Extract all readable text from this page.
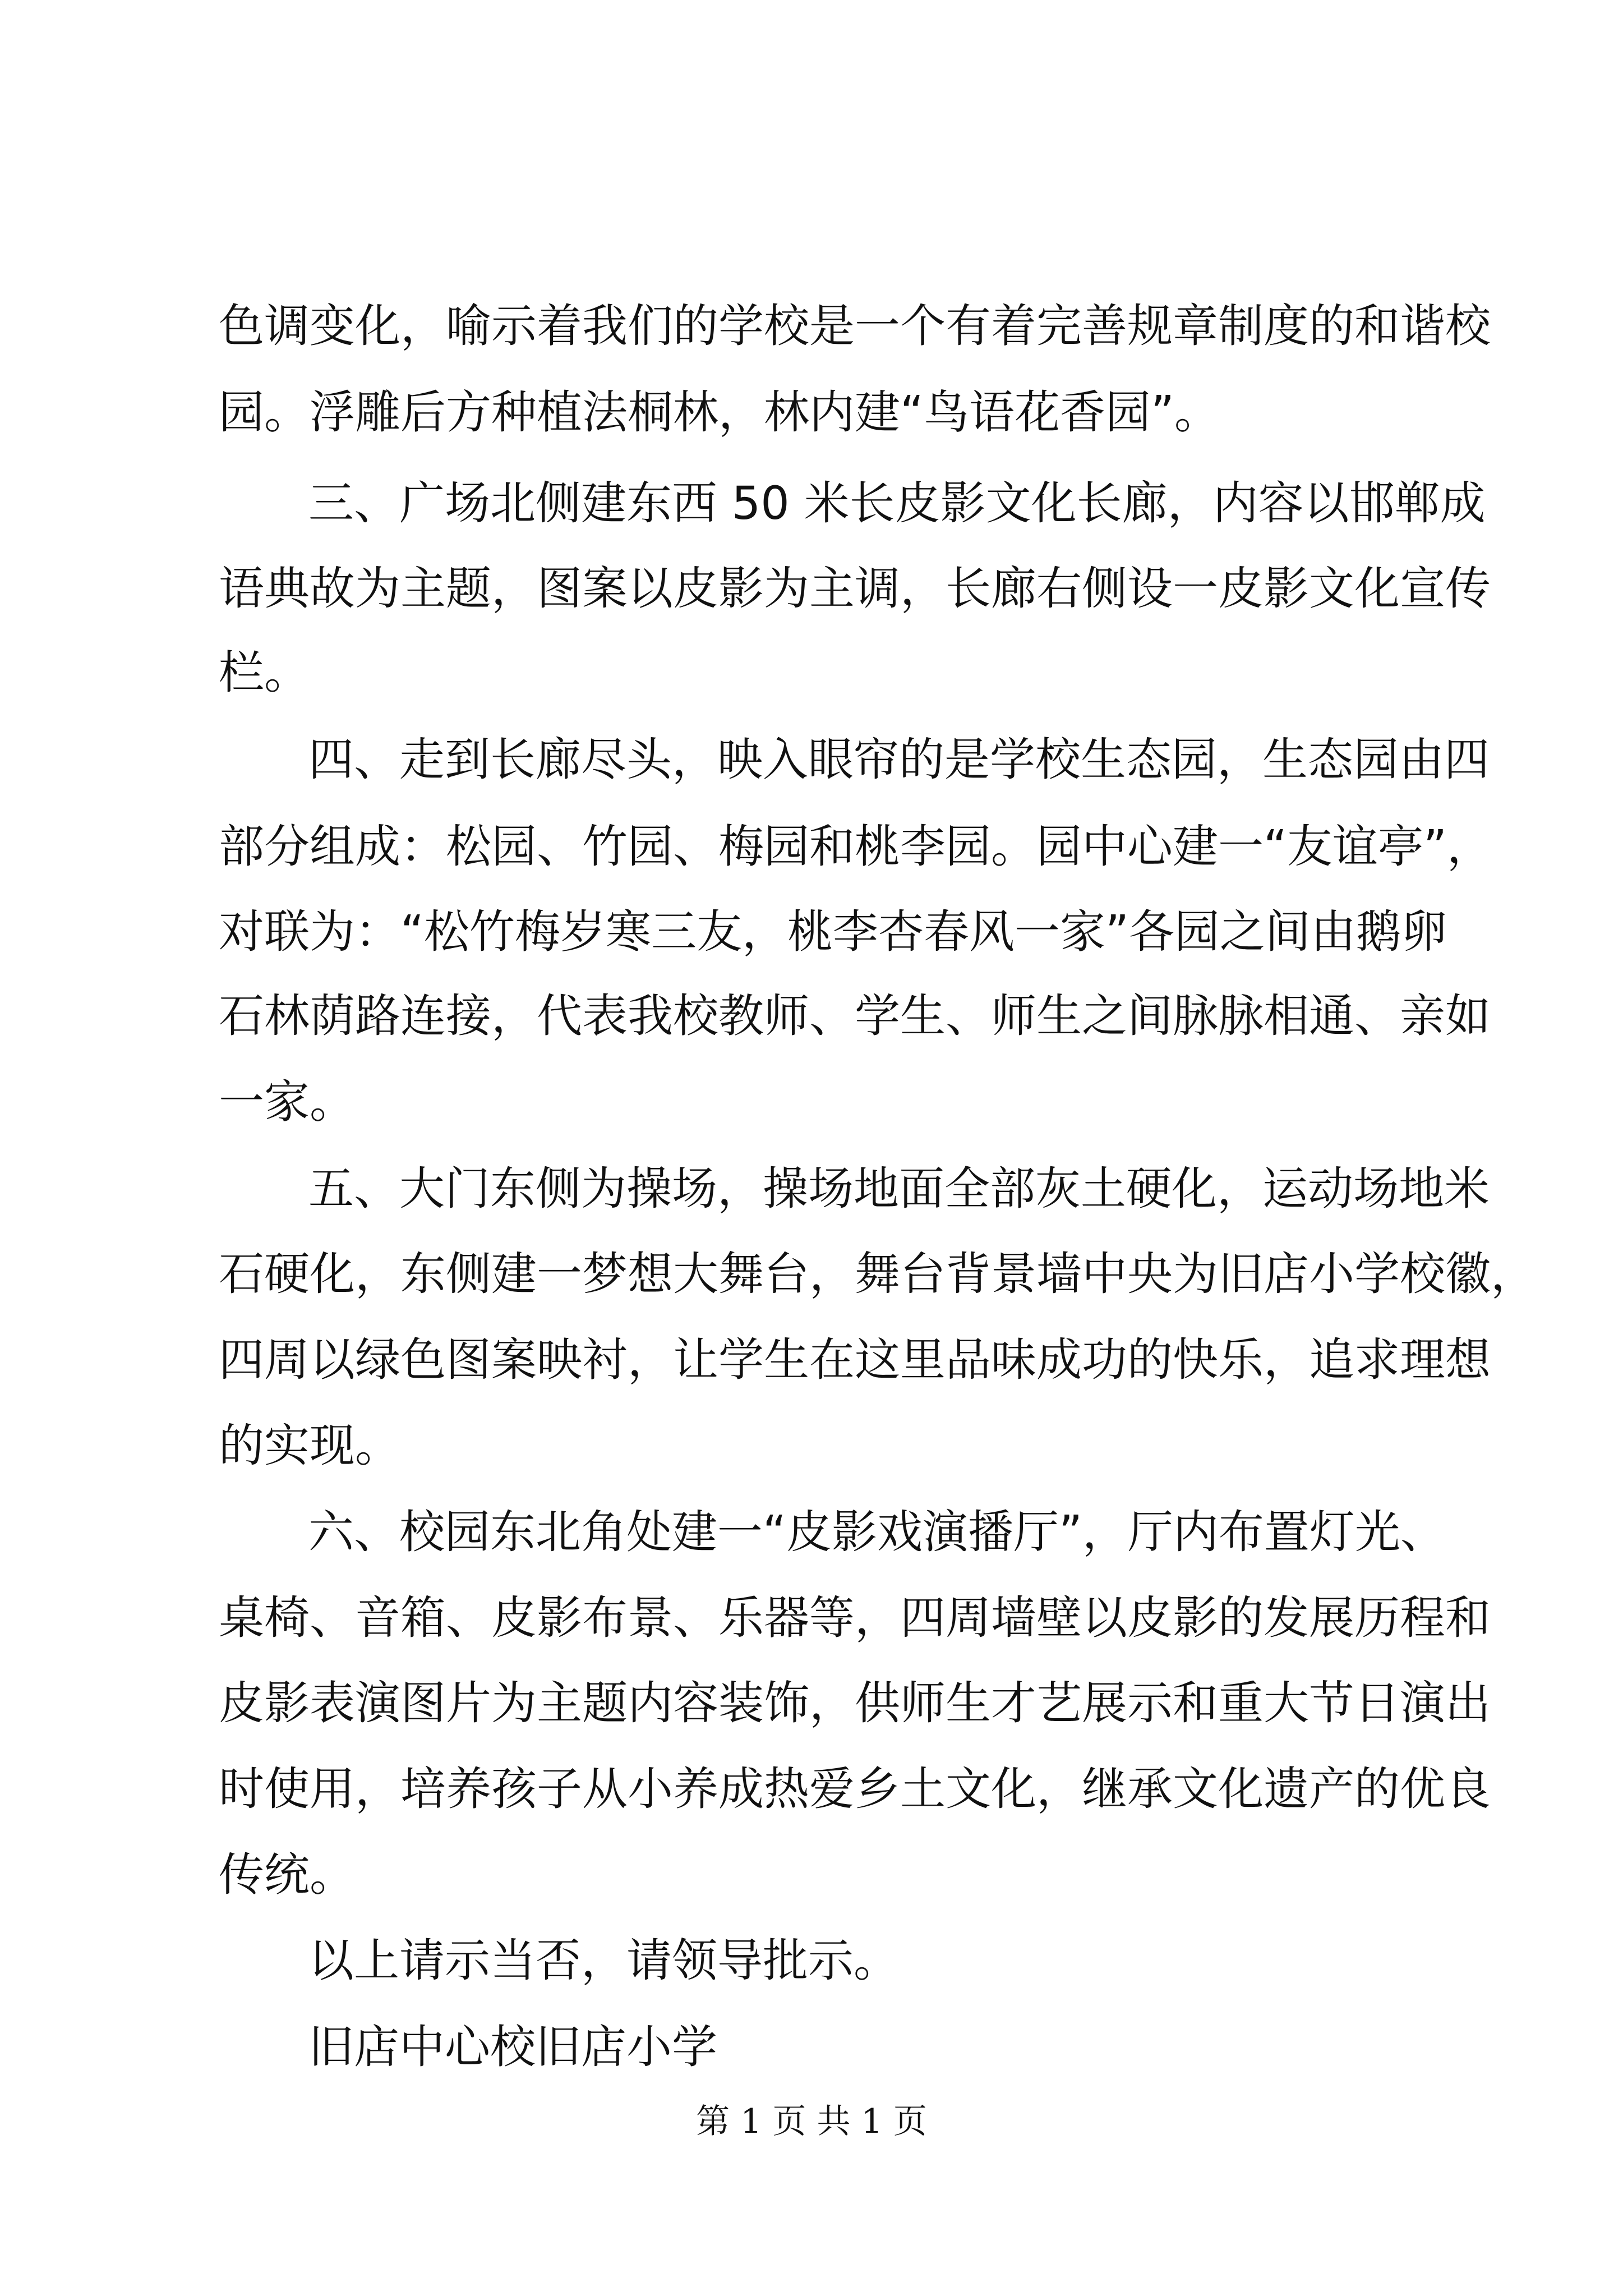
色调变化，喻示着我们的学校是一个有着完善规章制度的和谐校
园。浮雕后方种植法桐林，林内建“鸟语花香园”。
三、广场北侧建东西 50 米长皮影文化长廊，内容以邯郸成
语典故为主题，图案以皮影为主调，长廊右侧设一皮影文化宣传
栏。
四、走到长廊尽头，映入眼帘的是学校生态园，生态园由四
部分组成：松园、竹园、梅园和桃李园。园中心建一“友谊亭”，
对联为：“松竹梅岁寒三友，桃李杏春风一家”各园之间由鹅卵
石林荫路连接，代表我校教师、学生、师生之间脉脉相通、亲如
一家。
五、大门东侧为操场，操场地面全部灰土硬化，运动场地米
石硬化，东侧建一梦想大舞台，舞台背景墙中央为旧店小学校徽，
四周以绿色图案映衬，让学生在这里品味成功的快乐，追求理想
的实现。
六、校园东北角处建一“皮影戏演播厅”，厅内布置灯光、
桌椅、音箱、皮影布景、乐器等，四周墙壁以皮影的发展历程和
皮影表演图片为主题内容装饰，供师生才艺展示和重大节日演出
时使用，培养孩子从小养成热爱乡土文化，继承文化遗产的优良
传统。
以上请示当否，请领导批示。
旧店中心校旧店小学
第 1 页 共 1 页
